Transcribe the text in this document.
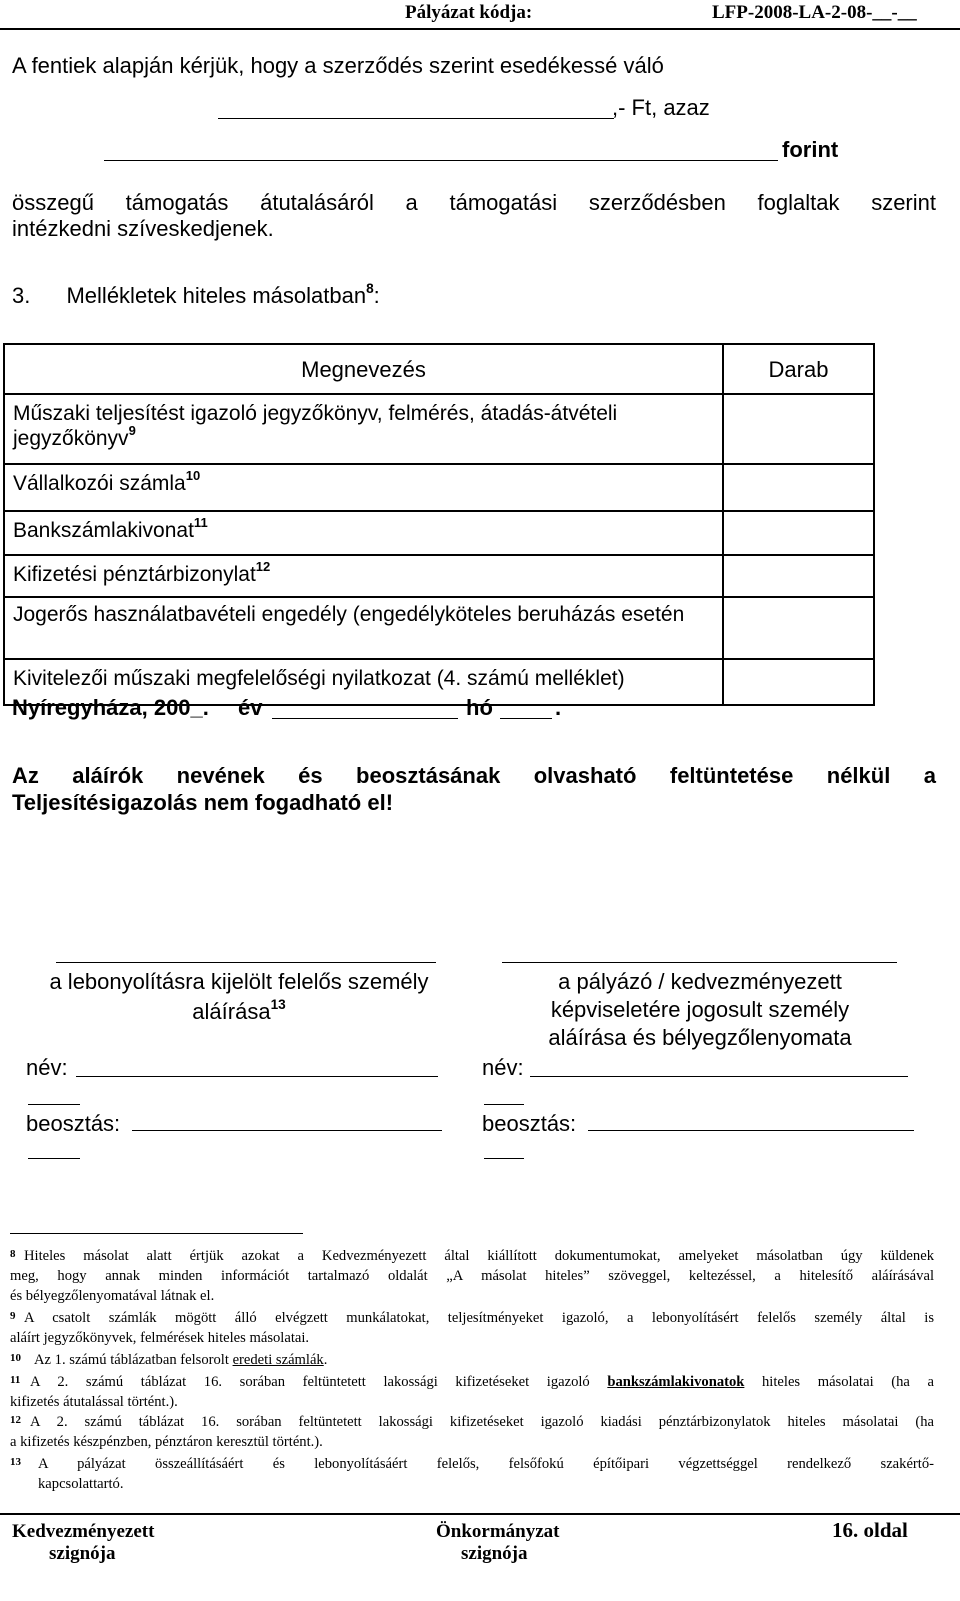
Pályázat kódja:	LFP-2008-LA-2-08-__-__
A fentiek alapján kérjük, hogy a szerződés szerint esedékessé váló
,- Ft, azaz
forint
összegű támogatás átutalásáról a támogatási szerződésben foglaltak szerint
intézkedni szíveskedjenek.
3. Mellékletek hiteles másolatban$^8$:
Megnevezés	Darab
Műszaki teljesítést igazoló jegyzőkönyv, felmérés, átadás-átvételi jegyzőkönyv$^9$	
Vállalkozói számla$^{10}$	
Bankszámlakivonat$^{11}$	
Kifizetési pénztárbizonylat$^{12}$	
Jogerős használatbavételi engedély (engedélyköteles beruházás esetén	
Kivitelezői műszaki megfelelőségi nyilatkozat (4. számú melléklet)	
Nyíregyháza, 200_. év	hó	.
Az aláírók nevének és beosztásának olvasható feltüntetése nélkül a
Teljesítésigazolás nem fogadható el!
a lebonyolításra kijelölt felelős személy
aláírása$^{13}$
név:
beosztás:
a pályázó / kedvezményezett
képviseletére jogosult személy
aláírása és bélyegzőlenyomata
név:
beosztás:
8 Hiteles másolat alatt értjük azokat a Kedvezményezett által kiállított dokumentumokat, amelyeket másolatban úgy küldenek
meg, hogy annak minden információt tartalmazó oldalát „A másolat hiteles” szöveggel, keltezéssel, a hitelesítő aláírásával
és bélyegzőlenyomatával látnak el.
9 A csatolt számlák mögött álló elvégzett munkálatokat, teljesítményeket igazoló, a lebonyolításért felelős személy által is
aláírt jegyzőkönyvek, felmérések hiteles másolatai.
10 Az 1. számú táblázatban felsorolt eredeti számlák.
11 A 2. számú táblázat 16. sorában feltüntetett lakossági kifizetéseket igazoló bankszámlakivonatok hiteles másolatai (ha a
kifizetés átutalással történt.).
12 A 2. számú táblázat 16. sorában feltüntetett lakossági kifizetéseket igazoló kiadási pénztárbizonylatok hiteles másolatai (ha
a kifizetés készpénzben, pénztáron keresztül történt.).
13	A pályázat összeállításáért és lebonyolításáért felelős, felsőfokú építőipari végzettséggel rendelkező szakértő-
kapcsolattartó.
Kedvezményezett
szignója
Önkormányzat
szignója
16. oldal
